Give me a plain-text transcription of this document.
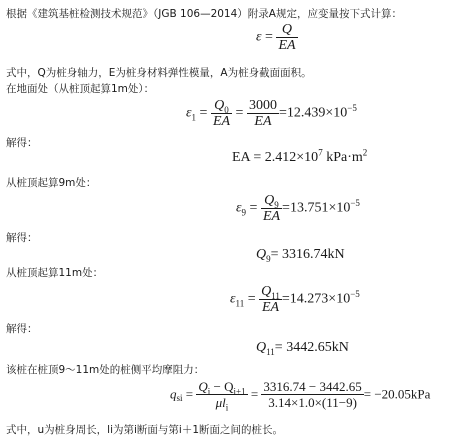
根据《建筑基桩检测技术规范》（JGB 106—2014）附录A规定，应变量按下式计算：
$\varepsilon = \frac{Q}{EA}$
式中，Q为桩身轴力，E为桩身材料弹性模量，A为桩身截面面积。
在地面处（从桩顶起算1m处）：
$\varepsilon_1 = \frac{Q_0}{EA} = \frac{3000}{EA} =12.439\times 10^{-5}$
解得：
EA = $2.412\times 10^7$ $kPa\cdot m^2$
从桩顶起算9m处：
$\varepsilon_9 = \frac{Q_9}{EA} =13.751\times 10^{-5}$
解得：
$Q_9= 3316.74kN$
从桩顶起算11m处：
$\varepsilon_{11} = \frac{Q_{11}}{EA} =14.273\times 10^{-5}$
解得：
$Q_{11}= 3442.65kN$
该桩在桩顶9～11m处的桩侧平均摩阻力：
$q_{si} = \frac{Q_i - Q_{i+1}}{\mu l_i} = \frac{3316.74 - 3442.65}{3.14\times 1.0\times(11-9)} = -20.05kPa$
式中，u为桩身周长，li为第i断面与第i＋1断面之间的桩长。
